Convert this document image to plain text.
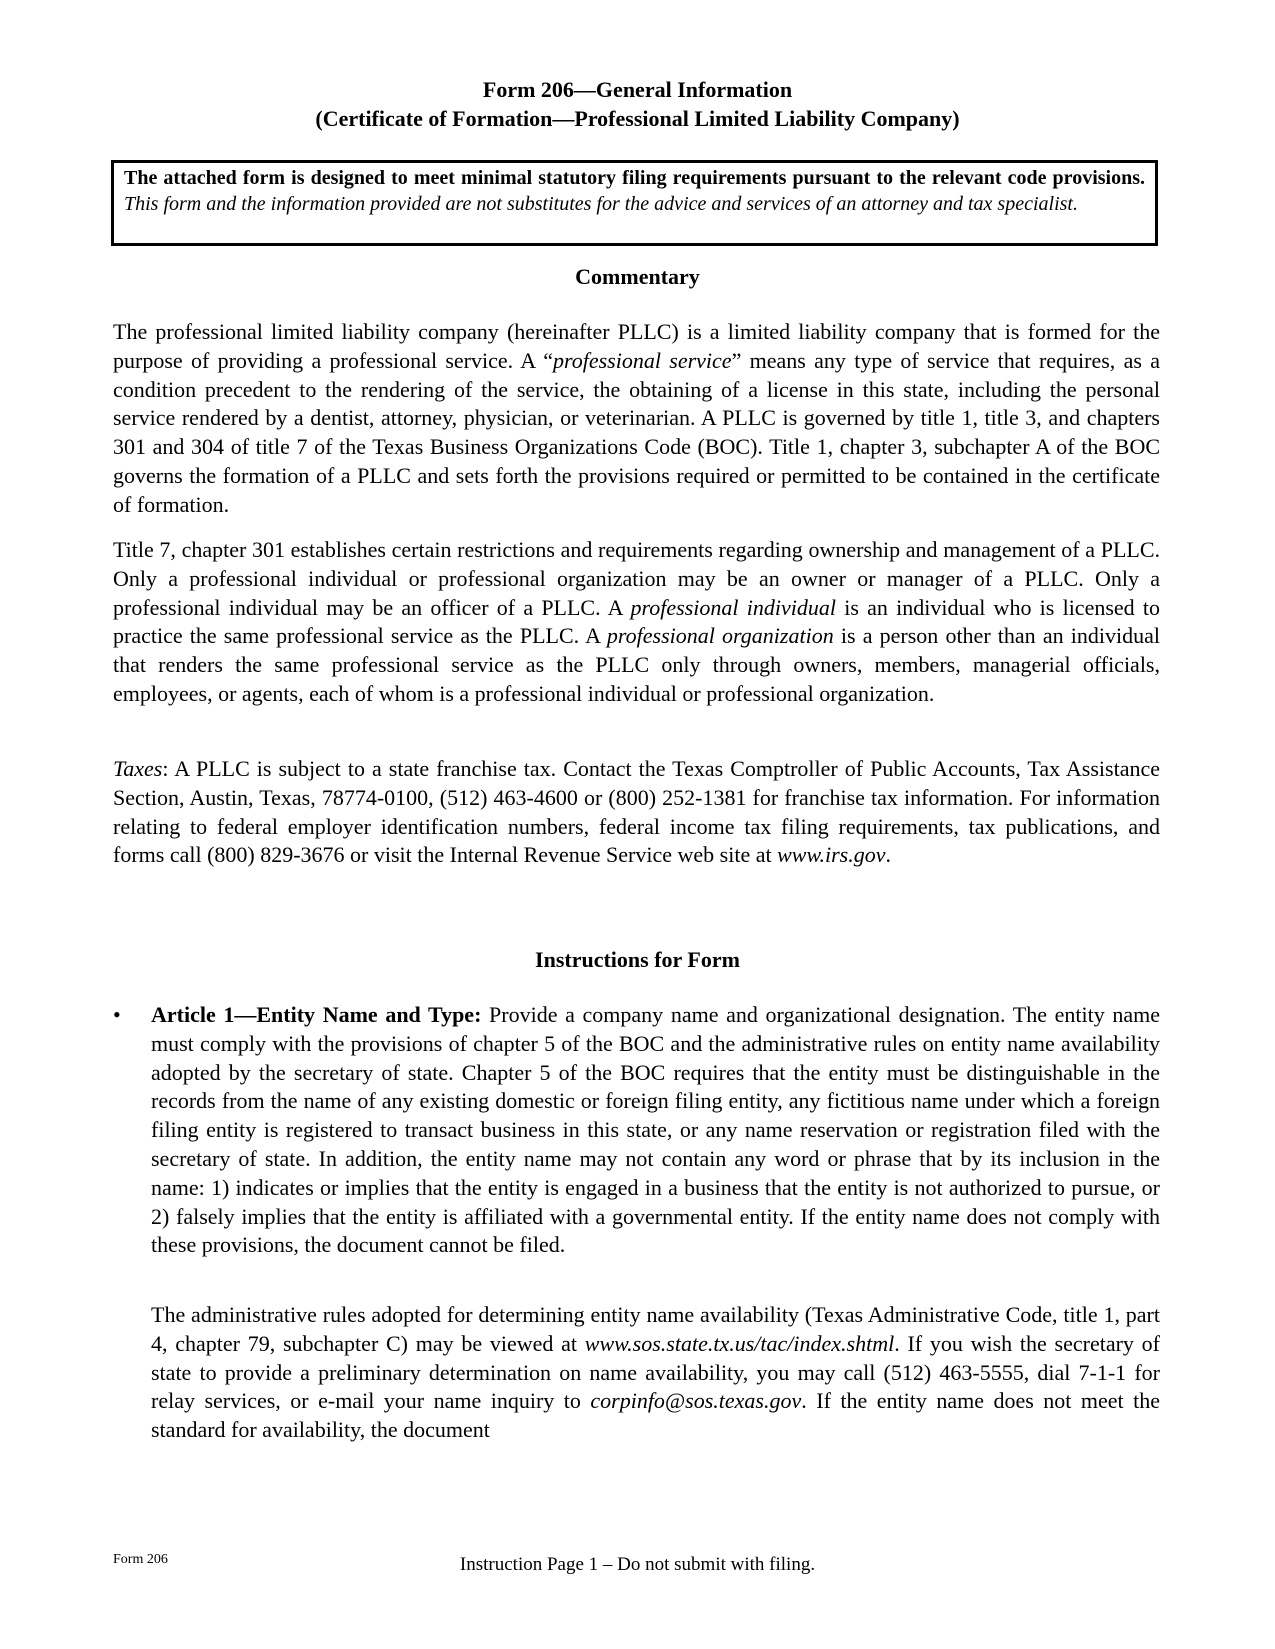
Form 206—General Information
(Certificate of Formation—Professional Limited Liability Company)
The attached form is designed to meet minimal statutory filing requirements pursuant to the relevant code provisions. This form and the information provided are not substitutes for the advice and services of an attorney and tax specialist.
Commentary
The professional limited liability company (hereinafter PLLC) is a limited liability company that is formed for the purpose of providing a professional service. A “professional service” means any type of service that requires, as a condition precedent to the rendering of the service, the obtaining of a license in this state, including the personal service rendered by a dentist, attorney, physician, or veterinarian. A PLLC is governed by title 1, title 3, and chapters 301 and 304 of title 7 of the Texas Business Organizations Code (BOC). Title 1, chapter 3, subchapter A of the BOC governs the formation of a PLLC and sets forth the provisions required or permitted to be contained in the certificate of formation.
Title 7, chapter 301 establishes certain restrictions and requirements regarding ownership and management of a PLLC. Only a professional individual or professional organization may be an owner or manager of a PLLC. Only a professional individual may be an officer of a PLLC. A professional individual is an individual who is licensed to practice the same professional service as the PLLC. A professional organization is a person other than an individual that renders the same professional service as the PLLC only through owners, members, managerial officials, employees, or agents, each of whom is a professional individual or professional organization.
Taxes: A PLLC is subject to a state franchise tax. Contact the Texas Comptroller of Public Accounts, Tax Assistance Section, Austin, Texas, 78774-0100, (512) 463-4600 or (800) 252-1381 for franchise tax information. For information relating to federal employer identification numbers, federal income tax filing requirements, tax publications, and forms call (800) 829-3676 or visit the Internal Revenue Service web site at www.irs.gov.
Instructions for Form
• Article 1—Entity Name and Type: Provide a company name and organizational designation. The entity name must comply with the provisions of chapter 5 of the BOC and the administrative rules on entity name availability adopted by the secretary of state. Chapter 5 of the BOC requires that the entity must be distinguishable in the records from the name of any existing domestic or foreign filing entity, any fictitious name under which a foreign filing entity is registered to transact business in this state, or any name reservation or registration filed with the secretary of state. In addition, the entity name may not contain any word or phrase that by its inclusion in the name: 1) indicates or implies that the entity is engaged in a business that the entity is not authorized to pursue, or 2) falsely implies that the entity is affiliated with a governmental entity. If the entity name does not comply with these provisions, the document cannot be filed.
The administrative rules adopted for determining entity name availability (Texas Administrative Code, title 1, part 4, chapter 79, subchapter C) may be viewed at www.sos.state.tx.us/tac/index.shtml. If you wish the secretary of state to provide a preliminary determination on name availability, you may call (512) 463-5555, dial 7-1-1 for relay services, or e-mail your name inquiry to corpinfo@sos.texas.gov. If the entity name does not meet the standard for availability, the document
Form 206	Instruction Page 1 – Do not submit with filing.
